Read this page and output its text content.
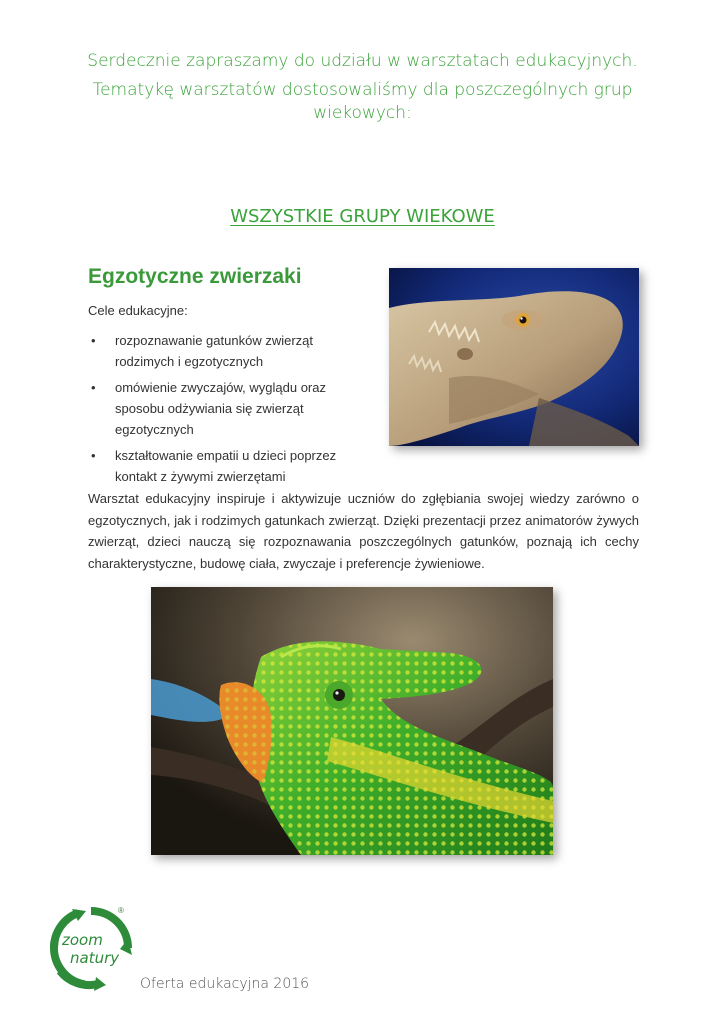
Serdecznie zapraszamy do udziału w warsztatach edukacyjnych.

Tematykę warsztatów dostosowaliśmy dla poszczególnych grup wiekowych:

WSZYSTKIE GRUPY WIEKOWE
Egzotyczne zwierzaki
Cele edukacyjne:
• rozpoznawanie gatunków zwierząt rodzimych i egzotycznych
• omówienie zwyczajów, wyglądu oraz sposobu odżywiania się zwierząt egzotycznych
• kształtowanie empatii u dzieci poprzez kontakt z żywymi zwierzętami
Warsztat edukacyjny inspiruje i aktywizuje uczniów do zgłębiania swojej wiedzy zarówno o egzotycznych, jak i rodzimych gatunkach zwierząt. Dzięki prezentacji przez animatorów żywych zwierząt, dzieci nauczą się rozpoznawania poszczególnych gatunków, poznają ich cechy charakterystyczne, budowę ciała, zwyczaje i preferencje żywieniowe.
zoom
natury
®
Oferta edukacyjna 2016
